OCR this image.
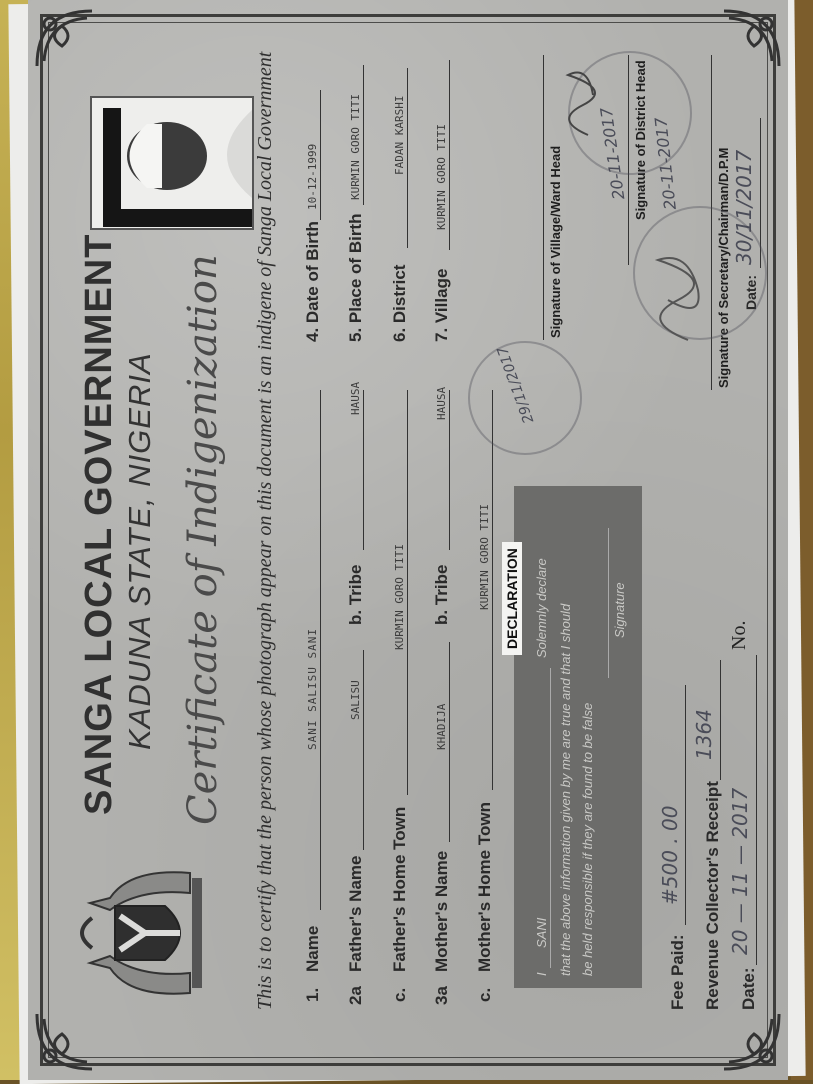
SANGA LOCAL GOVERNMENT KADUNA STATE, NIGERIA Certificate of Indigenization This is to certify that the person whose photograph appear on this document is an indigene of Sanga Local Government 1.
Name
SANI SALISU SANI
4. Date of Birth
10-12-1999
2a
Father's Name
SALISU
b. Tribe
HAUSA
5. Place of Birth
KURMIN GORO TITI
c.
Father's Home Town
KURMIN GORO TITI
6. District
FADAN KARSHI
3a
Mother's Name
KHADIJA
b. Tribe
HAUSA
7. Village
KURMIN GORO TITI
c.
Mother's Home Town
KURMIN GORO TITI
I
SANI
Solemnly declare that the above information given by me are true and that I should be held responsible if they are found to be false
Signature
DECLARATION
Fee Paid:
#500 . 00 Revenue Collector's Receipt
1364
Date:
20 — 11 — 2017
No.
Signature of Village/Ward Head 20-11-2017 Signature of District Head 20-11-2017	Signature of Secretary/Chairman/D.P.M Date:
30/11/2017
29/11/2017
